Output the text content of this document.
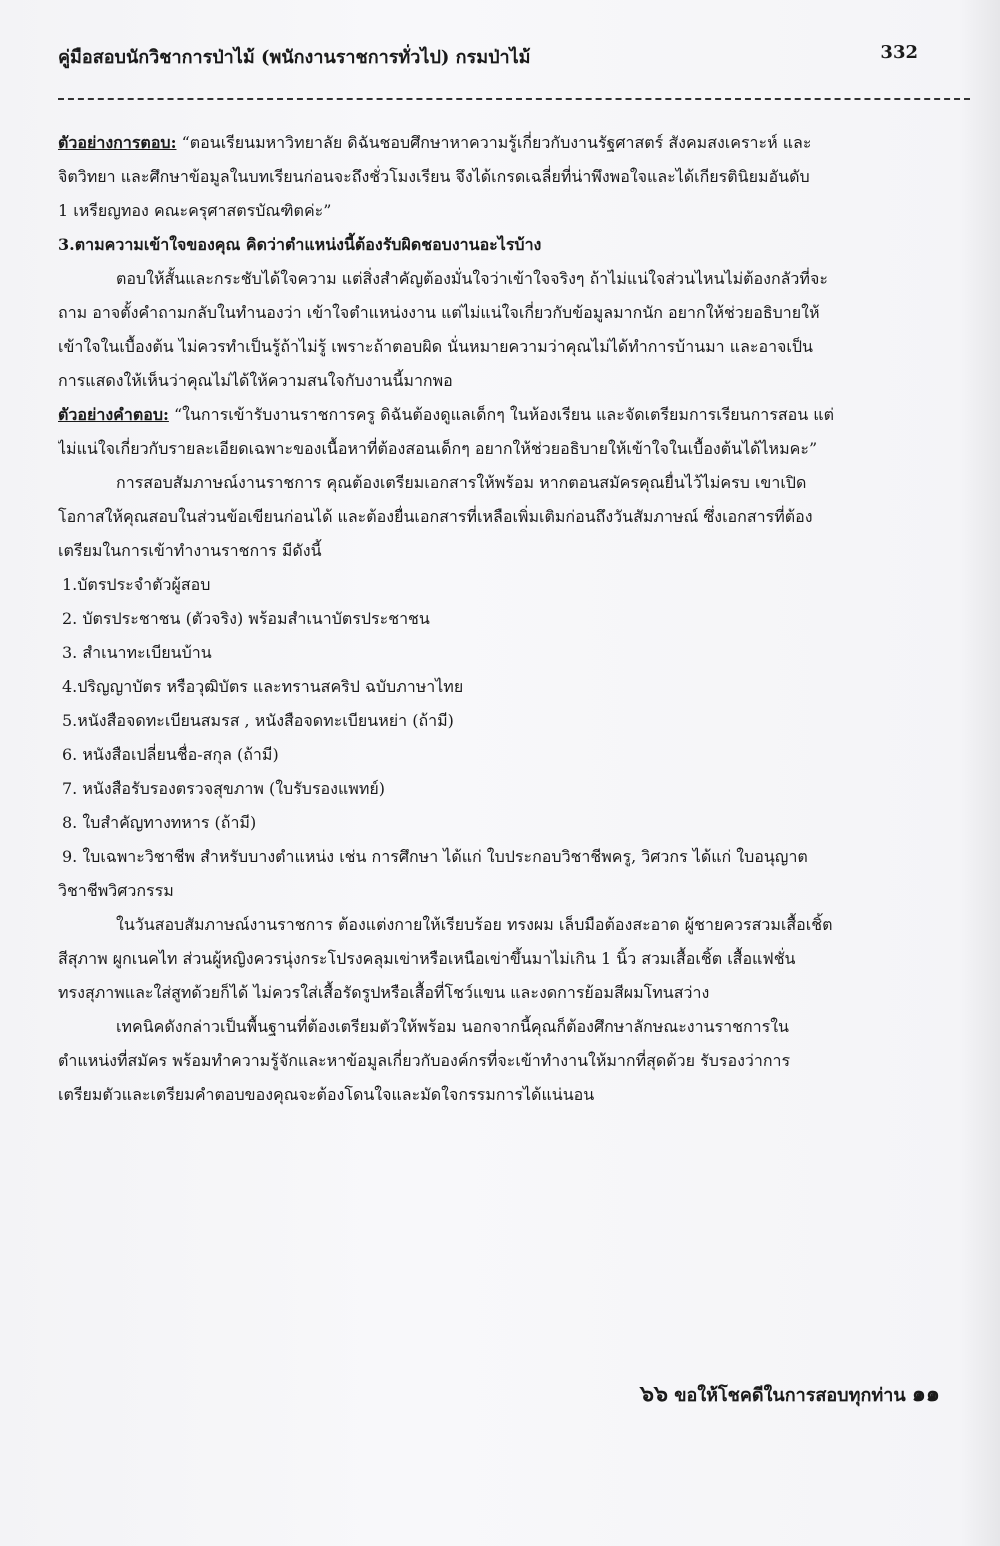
คู่มือสอบนักวิชาการป่าไม้ (พนักงานราชการทั่วไป) กรมป่าไม้	332
ตัวอย่างการตอบ: “ตอนเรียนมหาวิทยาลัย ดิฉันชอบศึกษาหาความรู้เกี่ยวกับงานรัฐศาสตร์ สังคมสงเคราะห์ และ
จิตวิทยา และศึกษาข้อมูลในบทเรียนก่อนจะถึงชั่วโมงเรียน จึงได้เกรดเฉลี่ยที่น่าพึงพอใจและได้เกียรตินิยมอันดับ
1 เหรียญทอง คณะครุศาสตรบัณฑิตค่ะ”
3.ตามความเข้าใจของคุณ คิดว่าตำแหน่งนี้ต้องรับผิดชอบงานอะไรบ้าง
ตอบให้สั้นและกระชับได้ใจความ แต่สิ่งสำคัญต้องมั่นใจว่าเข้าใจจริงๆ ถ้าไม่แน่ใจส่วนไหนไม่ต้องกลัวที่จะ
ถาม อาจตั้งคำถามกลับในทำนองว่า เข้าใจตำแหน่งงาน แต่ไม่แน่ใจเกี่ยวกับข้อมูลมากนัก อยากให้ช่วยอธิบายให้
เข้าใจในเบื้องต้น ไม่ควรทำเป็นรู้ถ้าไม่รู้ เพราะถ้าตอบผิด นั่นหมายความว่าคุณไม่ได้ทำการบ้านมา และอาจเป็น
การแสดงให้เห็นว่าคุณไม่ได้ให้ความสนใจกับงานนี้มากพอ
ตัวอย่างคำตอบ: “ในการเข้ารับงานราชการครู ดิฉันต้องดูแลเด็กๆ ในห้องเรียน และจัดเตรียมการเรียนการสอน แต่
ไม่แน่ใจเกี่ยวกับรายละเอียดเฉพาะของเนื้อหาที่ต้องสอนเด็กๆ อยากให้ช่วยอธิบายให้เข้าใจในเบื้องต้นได้ไหมคะ”
การสอบสัมภาษณ์งานราชการ คุณต้องเตรียมเอกสารให้พร้อม หากตอนสมัครคุณยื่นไว้ไม่ครบ เขาเปิด
โอกาสให้คุณสอบในส่วนข้อเขียนก่อนได้ และต้องยื่นเอกสารที่เหลือเพิ่มเติมก่อนถึงวันสัมภาษณ์ ซึ่งเอกสารที่ต้อง
เตรียมในการเข้าทำงานราชการ มีดังนี้
1.บัตรประจำตัวผู้สอบ
2. บัตรประชาชน (ตัวจริง) พร้อมสำเนาบัตรประชาชน
3. สำเนาทะเบียนบ้าน
4.ปริญญาบัตร หรือวุฒิบัตร และทรานสคริป ฉบับภาษาไทย
5.หนังสือจดทะเบียนสมรส , หนังสือจดทะเบียนหย่า (ถ้ามี)
6. หนังสือเปลี่ยนชื่อ-สกุล (ถ้ามี)
7. หนังสือรับรองตรวจสุขภาพ (ใบรับรองแพทย์)
8. ใบสำคัญทางทหาร (ถ้ามี)
9. ใบเฉพาะวิชาชีพ สำหรับบางตำแหน่ง เช่น การศึกษา ได้แก่ ใบประกอบวิชาชีพครู, วิศวกร ได้แก่ ใบอนุญาต
วิชาชีพวิศวกรรม
ในวันสอบสัมภาษณ์งานราชการ ต้องแต่งกายให้เรียบร้อย ทรงผม เล็บมือต้องสะอาด ผู้ชายควรสวมเสื้อเชิ้ต
สีสุภาพ ผูกเนคไท ส่วนผู้หญิงควรนุ่งกระโปรงคลุมเข่าหรือเหนือเข่าขึ้นมาไม่เกิน 1 นิ้ว สวมเสื้อเชิ้ต เสื้อแฟชั่น
ทรงสุภาพและใส่สูทด้วยก็ได้ ไม่ควรใส่เสื้อรัดรูปหรือเสื้อที่โชว์แขน และงดการย้อมสีผมโทนสว่าง
เทคนิคดังกล่าวเป็นพื้นฐานที่ต้องเตรียมตัวให้พร้อม นอกจากนี้คุณก็ต้องศึกษาลักษณะงานราชการใน
ตำแหน่งที่สมัคร พร้อมทำความรู้จักและหาข้อมูลเกี่ยวกับองค์กรที่จะเข้าทำงานให้มากที่สุดด้วย รับรองว่าการ
เตรียมตัวและเตรียมคำตอบของคุณจะต้องโดนใจและมัดใจกรรมการได้แน่นอน
๖๖ ขอให้โชคดีในการสอบทุกท่าน ๑๑
